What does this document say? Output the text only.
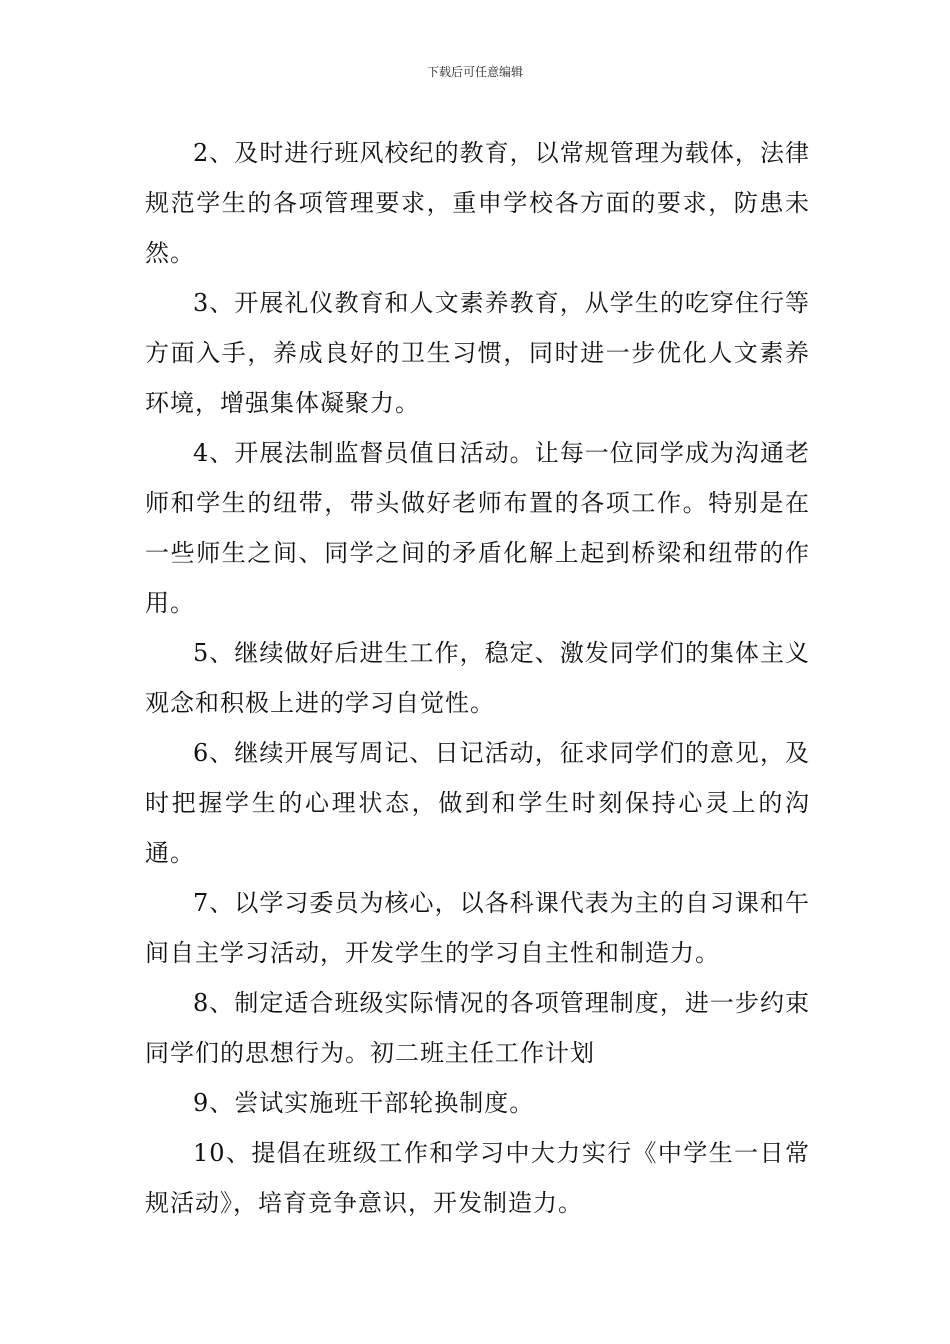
下载后可任意编辑

2、及时进行班风校纪的教育，以常规管理为载体，法律规范学生的各项管理要求，重申学校各方面的要求，防患未然。

3、开展礼仪教育和人文素养教育，从学生的吃穿住行等方面入手，养成良好的卫生习惯，同时进一步优化人文素养环境，增强集体凝聚力。

4、开展法制监督员值日活动。让每一位同学成为沟通老师和学生的纽带，带头做好老师布置的各项工作。特别是在一些师生之间、同学之间的矛盾化解上起到桥梁和纽带的作用。

5、继续做好后进生工作，稳定、激发同学们的集体主义观念和积极上进的学习自觉性。

6、继续开展写周记、日记活动，征求同学们的意见，及时把握学生的心理状态，做到和学生时刻保持心灵上的沟通。

7、以学习委员为核心，以各科课代表为主的自习课和午间自主学习活动，开发学生的学习自主性和制造力。

8、制定适合班级实际情况的各项管理制度，进一步约束同学们的思想行为。初二班主任工作计划

9、尝试实施班干部轮换制度。

10、提倡在班级工作和学习中大力实行《中学生一日常规活动》，培育竞争意识，开发制造力。
